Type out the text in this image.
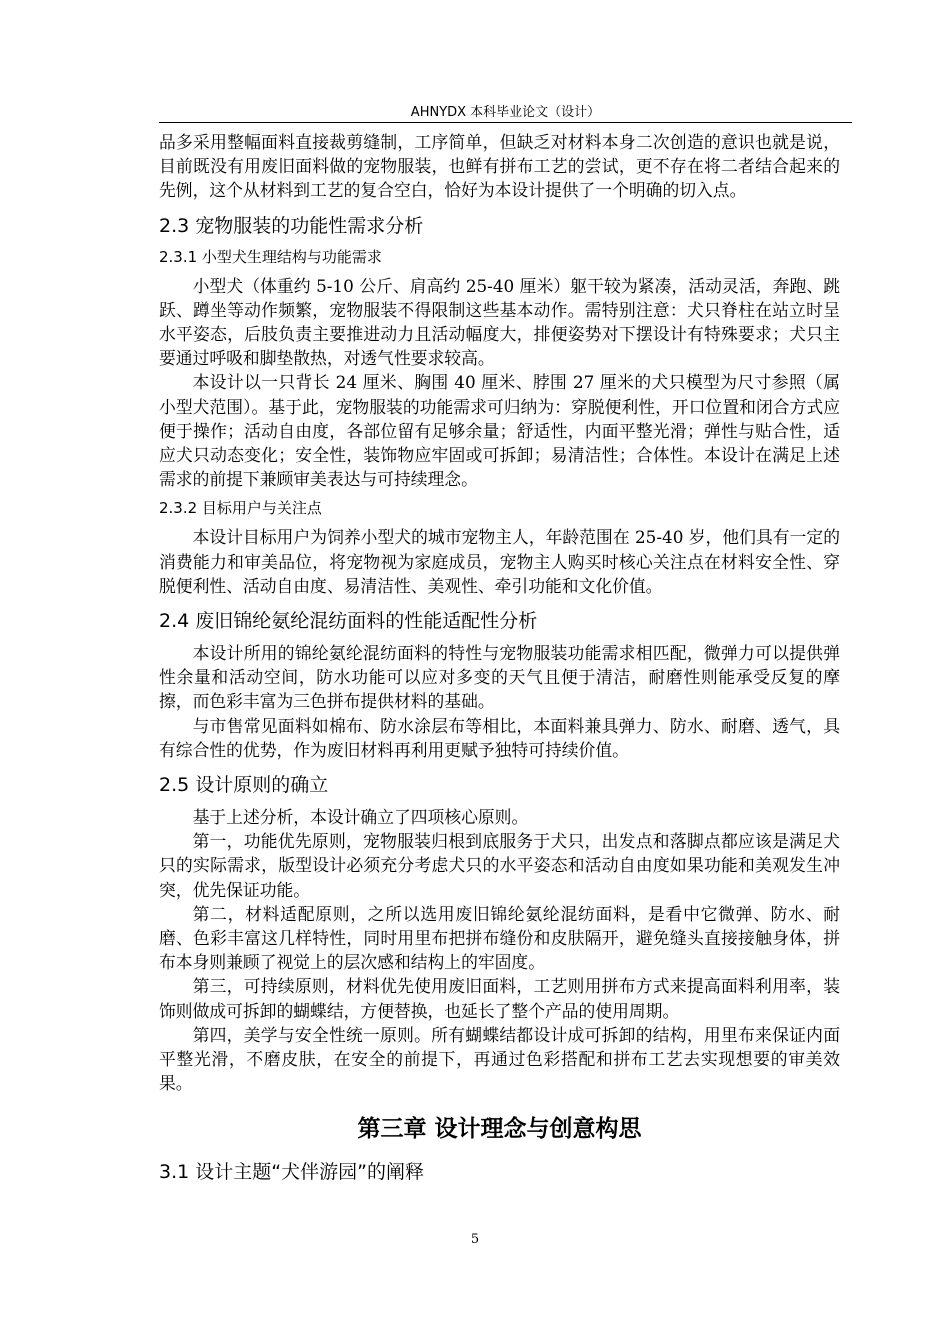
AHNYDX 本科毕业论文（设计）

品多采用整幅面料直接裁剪缝制，工序简单，但缺乏对材料本身二次创造的意识也就是说，目前既没有用废旧面料做的宠物服装，也鲜有拼布工艺的尝试，更不存在将二者结合起来的先例，这个从材料到工艺的复合空白，恰好为本设计提供了一个明确的切入点。

2.3 宠物服装的功能性需求分析
2.3.1 小型犬生理结构与功能需求

小型犬（体重约 5-10 公斤、肩高约 25-40 厘米）躯干较为紧凑，活动灵活，奔跑、跳跃、蹲坐等动作频繁，宠物服装不得限制这些基本动作。需特别注意：犬只脊柱在站立时呈水平姿态，后肢负责主要推进动力且活动幅度大，排便姿势对下摆设计有特殊要求；犬只主要通过呼吸和脚垫散热，对透气性要求较高。

本设计以一只背长 24 厘米、胸围 40 厘米、脖围 27 厘米的犬只模型为尺寸参照（属小型犬范围）。基于此，宠物服装的功能需求可归纳为：穿脱便利性，开口位置和闭合方式应便于操作；活动自由度，各部位留有足够余量；舒适性，内面平整光滑；弹性与贴合性，适应犬只动态变化；安全性，装饰物应牢固或可拆卸；易清洁性；合体性。本设计在满足上述需求的前提下兼顾审美表达与可持续理念。

2.3.2 目标用户与关注点

本设计目标用户为饲养小型犬的城市宠物主人，年龄范围在 25-40 岁，他们具有一定的消费能力和审美品位，将宠物视为家庭成员，宠物主人购买时核心关注点在材料安全性、穿脱便利性、活动自由度、易清洁性、美观性、牵引功能和文化价值。

2.4 废旧锦纶氨纶混纺面料的性能适配性分析

本设计所用的锦纶氨纶混纺面料的特性与宠物服装功能需求相匹配，微弹力可以提供弹性余量和活动空间，防水功能可以应对多变的天气且便于清洁，耐磨性则能承受反复的摩擦，而色彩丰富为三色拼布提供材料的基础。

与市售常见面料如棉布、防水涂层布等相比，本面料兼具弹力、防水、耐磨、透气，具有综合性的优势，作为废旧材料再利用更赋予独特可持续价值。

2.5 设计原则的确立

基于上述分析，本设计确立了四项核心原则。

第一，功能优先原则，宠物服装归根到底服务于犬只，出发点和落脚点都应该是满足犬只的实际需求，版型设计必须充分考虑犬只的水平姿态和活动自由度如果功能和美观发生冲突，优先保证功能。

第二，材料适配原则，之所以选用废旧锦纶氨纶混纺面料，是看中它微弹、防水、耐磨、色彩丰富这几样特性，同时用里布把拼布缝份和皮肤隔开，避免缝头直接接触身体，拼布本身则兼顾了视觉上的层次感和结构上的牢固度。

第三，可持续原则，材料优先使用废旧面料，工艺则用拼布方式来提高面料利用率，装饰则做成可拆卸的蝴蝶结，方便替换，也延长了整个产品的使用周期。

第四，美学与安全性统一原则。所有蝴蝶结都设计成可拆卸的结构，用里布来保证内面平整光滑，不磨皮肤，在安全的前提下，再通过色彩搭配和拼布工艺去实现想要的审美效果。

第三章 设计理念与创意构思
3.1 设计主题“犬伴游园”的阐释
5
